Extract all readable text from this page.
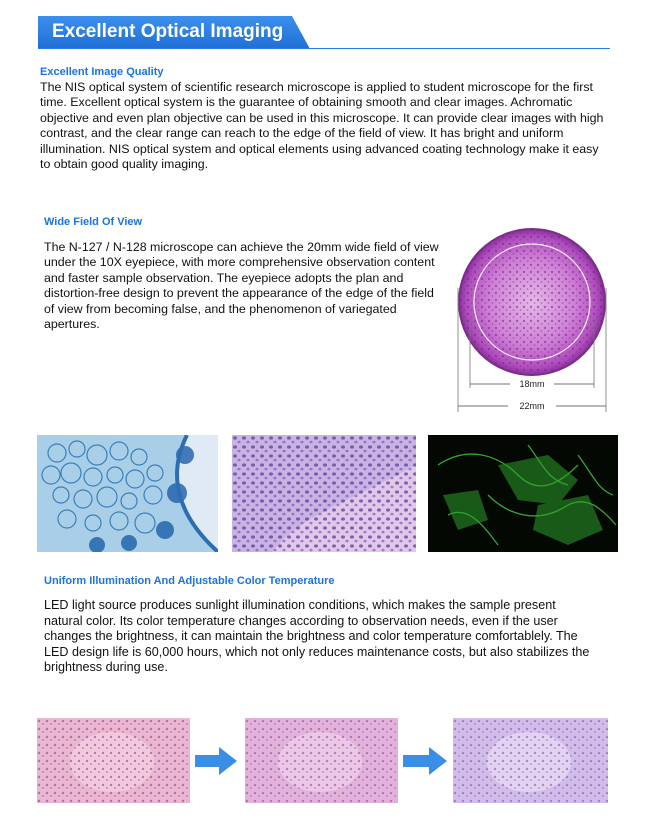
Excellent Optical Imaging
Excellent Image Quality
The NIS optical system of scientific research microscope is applied to student microscope for the first time. Excellent optical system is the guarantee of obtaining smooth and clear images. Achromatic objective and even plan objective can be used in this microscope. It can provide clear images with high contrast, and the clear range can reach to the edge of the field of view. It has bright and uniform illumination. NIS optical system and optical elements using advanced coating technology make it easy to obtain good quality imaging.
Wide Field Of View
The N-127 / N-128 microscope can achieve the 20mm wide field of view under the 10X eyepiece, with more comprehensive observation content and faster sample observation. The eyepiece adopts the plan and distortion-free design to prevent the appearance of the edge of the field of view from becoming false, and the phenomenon of variegated apertures.
18mm
22mm
Uniform Illumination And Adjustable Color Temperature
LED light source produces sunlight illumination conditions, which makes the sample present natural color. Its color temperature changes according to observation needs, even if the user changes the brightness, it can maintain the brightness and color temperature comfortablely. The LED design life is 60,000 hours, which not only reduces maintenance costs, but also stabilizes the brightness during use.
